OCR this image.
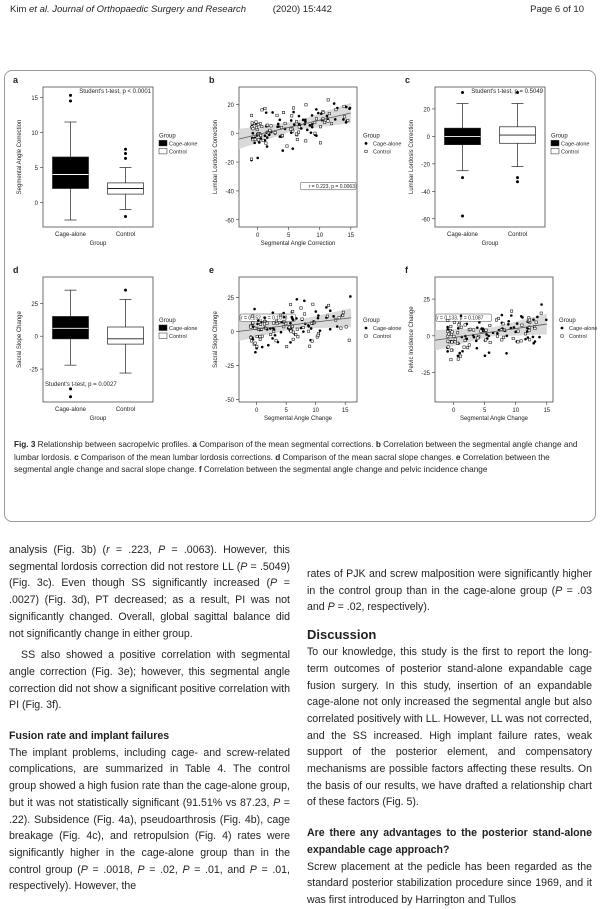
Kim et al. Journal of Orthopaedic Surgery and Research	(2020) 15:442	Page 6 of 10
a
0
5
10
15
Segmental Angle Correction
Group
Cage-alone	Control
Student's t-test, p < 0.0001
Group
Cage-alone
Control
b
20
0
-20
-40
-60
Lumbar Lordosis Correction
Segmental Angle Correction
0	5	10	15
r = 0.223, p = 0.0063
Group
Cage-alone
Control
c
20
0
-20
-40
-60
Lumbar Lordosis Correction
Group
Cage-alone	Control
Student's t-test, p = 0.5049
Group
Cage-alone
Control
d
25
0
-25
Sacral Slope Change
Group
Cage-alone	Control
Student's t-test, p = 0.0027
Group
Cage-alone
Control
e
25
0
-25
-50
Sacral Slope Change
Segmental Angle Change
0	5	10	15
r = 0.152, p = 0.1078	Group
Cage-alone
Control
f
25
0
-25
Pelvic Incidence Change
Segmental Angle Change
0	5	10	15
r = 0.133, p = 0.1087	Group
Cage-alone
Control
Fig. 3 Relationship between sacropelvic profiles. a Comparison of the mean segmental corrections. b Correlation between the segmental angle change and lumbar lordosis. c Comparison of the mean lumbar lordosis corrections. d Comparison of the mean sacral slope changes. e Correlation between the segmental angle change and sacral slope change. f Correlation between the segmental angle change and pelvic incidence change

analysis (Fig. 3b) (r = .223, P = .0063). However, this segmental lordosis correction did not restore LL (P = .5049) (Fig. 3c). Even though SS significantly increased (P = .0027) (Fig. 3d), PT decreased; as a result, PI was not significantly changed. Overall, global sagittal balance did not significantly change in either group.

SS also showed a positive correlation with segmental angle correction (Fig. 3e); however, this segmental angle correction did not show a significant positive correlation with PI (Fig. 3f).

Fusion rate and implant failures

The implant problems, including cage- and screw-related complications, are summarized in Table 4. The control group showed a high fusion rate than the cage-alone group, but it was not statistically significant (91.51% vs 87.23, P = .22). Subsidence (Fig. 4a), pseudoarthrosis (Fig. 4b), cage breakage (Fig. 4c), and retropulsion (Fig. 4) rates were significantly higher in the cage-alone group than in the control group (P = .0018, P = .02, P = .01, and P = .01, respectively). However, the

rates of PJK and screw malposition were significantly higher in the control group than in the cage-alone group (P = .03 and P = .02, respectively).

Discussion

To our knowledge, this study is the first to report the long-term outcomes of posterior stand-alone expandable cage fusion surgery. In this study, insertion of an expandable cage-alone not only increased the segmental angle but also correlated positively with LL. However, LL was not corrected, and the SS increased. High implant failure rates, weak support of the posterior element, and compensatory mechanisms are possible factors affecting these results. On the basis of our results, we have drafted a relationship chart of these factors (Fig. 5).

Are there any advantages to the posterior stand-alone expandable cage approach?

Screw placement at the pedicle has been regarded as the standard posterior stabilization procedure since 1969, and it was first introduced by Harrington and Tullos
